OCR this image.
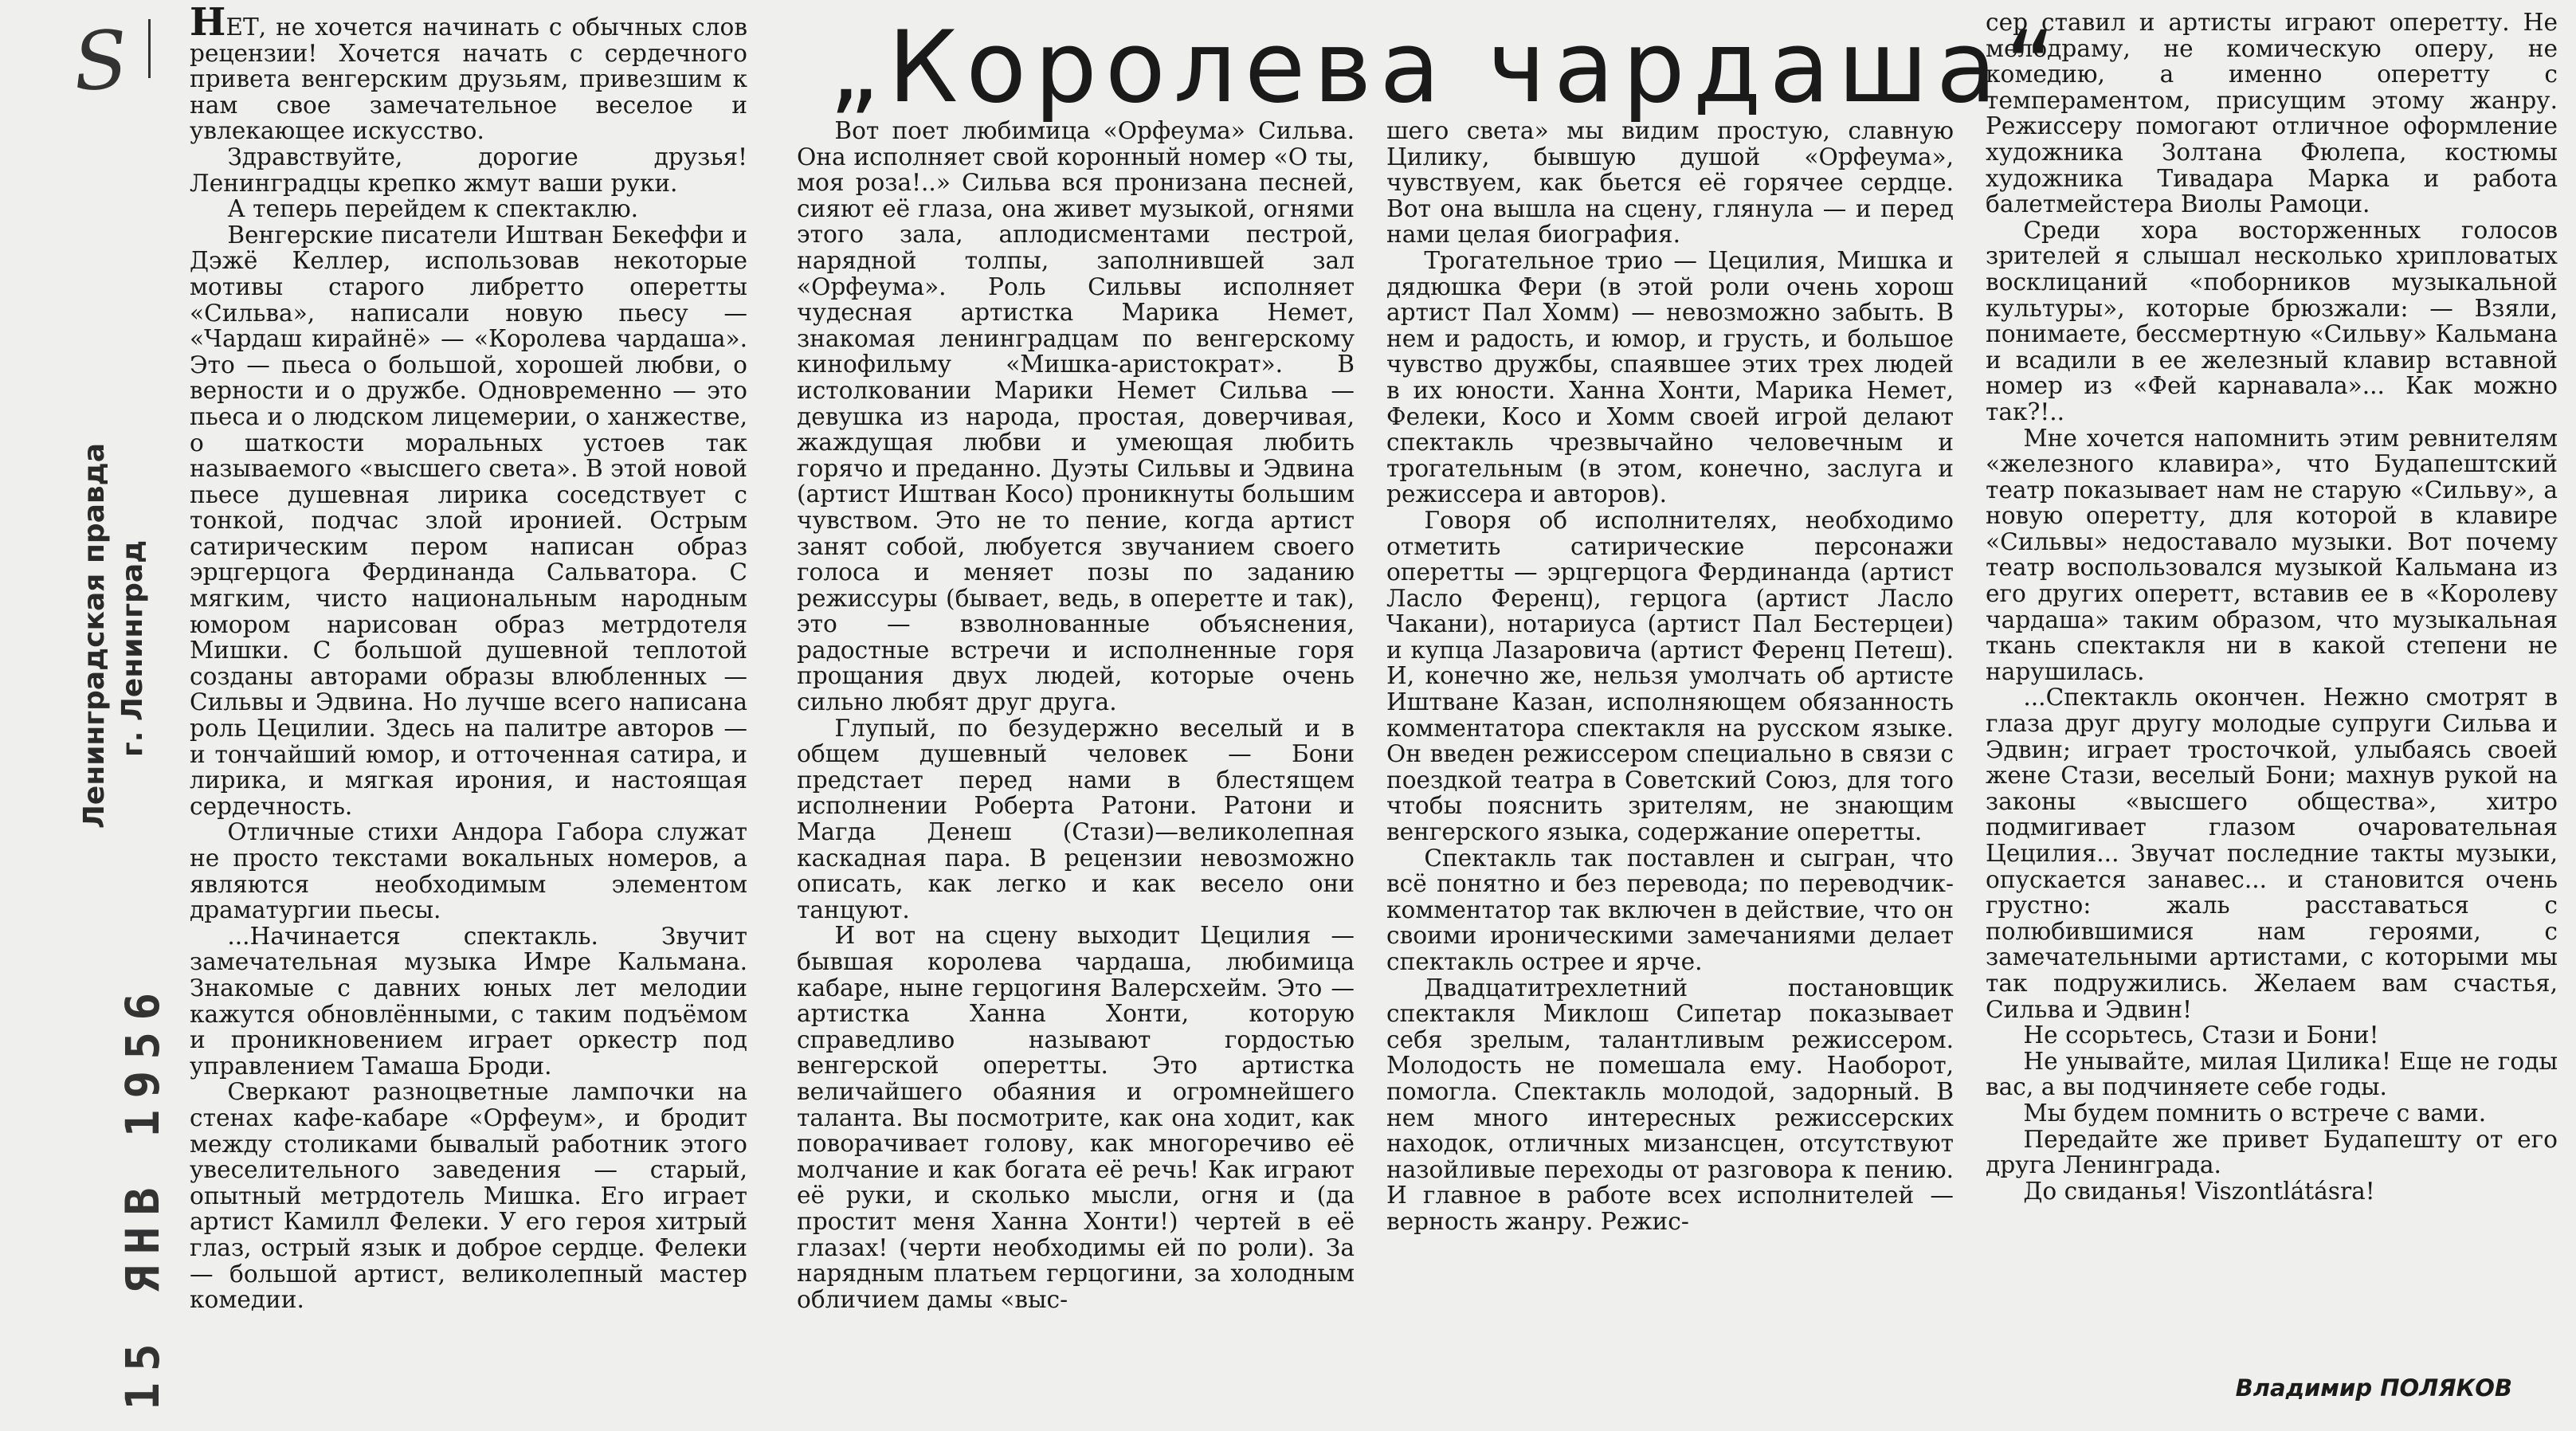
S
Ленинградская правда г. Ленинград
15 ЯНВ 1956
„Королева чардаша“

НЕТ, не хочется начинать с обычных слов рецензии! Хочется начать с сердечного привета венгерским друзьям, привезшим к нам свое замечательное веселое и увлекающее искусство.

Здравствуйте, дорогие друзья! Ленинградцы крепко жмут ваши руки.

А теперь перейдем к спектаклю.

Венгерские писатели Иштван Бекеффи и Дэжё Келлер, использовав некоторые мотивы старого либретто оперетты «Сильва», написали новую пьесу — «Чардаш кирайнё» — «Королева чардаша». Это — пьеса о большой, хорошей любви, о верности и о дружбе. Одновременно — это пьеса и о людском лицемерии, о ханжестве, о шаткости моральных устоев так называемого «высшего света». В этой новой пьесе душевная лирика соседствует с тонкой, подчас злой иронией. Острым сатирическим пером написан образ эрцгерцога Фердинанда Сальватора. С мягким, чисто национальным народным юмором нарисован образ метрдотеля Мишки. С большой душевной теплотой созданы авторами образы влюбленных — Сильвы и Эдвина. Но лучше всего написана роль Цецилии. Здесь на палитре авторов — и тончайший юмор, и отточенная сатира, и лирика, и мягкая ирония, и настоящая сердечность.

Отличные стихи Андора Габора служат не просто текстами вокальных номеров, а являются необходимым элементом драматургии пьесы.

...Начинается спектакль. Звучит замечательная музыка Имре Кальмана. Знакомые с давних юных лет мелодии кажутся обновлёнными, с таким подъёмом и проникновением играет оркестр под управлением Тамаша Броди.

Сверкают разноцветные лампочки на стенах кафе-кабаре «Орфеум», и бродит между столиками бывалый работник этого увеселительного заведения — старый, опытный метрдотель Мишка. Его играет артист Камилл Фелеки. У его героя хитрый глаз, острый язык и доброе сердце. Фелеки — большой артист, великолепный мастер комедии.

Вот поет любимица «Орфеума» Сильва. Она исполняет свой коронный номер «О ты, моя роза!..» Сильва вся пронизана песней, сияют её глаза, она живет музыкой, огнями этого зала, аплодисментами пестрой, нарядной толпы, заполнившей зал «Орфеума». Роль Сильвы исполняет чудесная артистка Марика Немет, знакомая ленинградцам по венгерскому кинофильму «Мишка-аристократ». В истолковании Марики Немет Сильва — девушка из народа, простая, доверчивая, жаждущая любви и умеющая любить горячо и преданно. Дуэты Сильвы и Эдвина (артист Иштван Косо) проникнуты большим чувством. Это не то пение, когда артист занят собой, любуется звучанием своего голоса и меняет позы по заданию режиссуры (бывает, ведь, в оперетте и так), это — взволнованные объяснения, радостные встречи и исполненные горя прощания двух людей, которые очень сильно любят друг друга.

Глупый, по безудержно веселый и в общем душевный человек — Бони предстает перед нами в блестящем исполнении Роберта Ратони. Ратони и Магда Денеш (Стази)—великолепная каскадная пара. В рецензии невозможно описать, как легко и как весело они танцуют.

И вот на сцену выходит Цецилия — бывшая королева чардаша, любимица кабаре, ныне герцогиня Валерсхейм. Это — артистка Ханна Хонти, которую справедливо называют гордостью венгерской оперетты. Это артистка величайшего обаяния и огромнейшего таланта. Вы посмотрите, как она ходит, как поворачивает голову, как многоречиво её молчание и как богата её речь! Как играют её руки, и сколько мысли, огня и (да простит меня Ханна Хонти!) чертей в её глазах! (черти необходимы ей по роли). За нарядным платьем герцогини, за холодным обличием дамы «выс-

шего света» мы видим простую, славную Цилику, бывшую душой «Орфеума», чувствуем, как бьется её горячее сердце. Вот она вышла на сцену, глянула — и перед нами целая биография.

Трогательное трио — Цецилия, Мишка и дядюшка Фери (в этой роли очень хорош артист Пал Хомм) — невозможно забыть. В нем и радость, и юмор, и грусть, и большое чувство дружбы, спаявшее этих трех людей в их юности. Ханна Хонти, Марика Немет, Фелеки, Косо и Хомм своей игрой делают спектакль чрезвычайно человечным и трогательным (в этом, конечно, заслуга и режиссера и авторов).

Говоря об исполнителях, необходимо отметить сатирические персонажи оперетты — эрцгерцога Фердинанда (артист Ласло Ференц), герцога (артист Ласло Чакани), нотариуса (артист Пал Бестерцеи) и купца Лазаровича (артист Ференц Петеш). И, конечно же, нельзя умолчать об артисте Иштване Казан, исполняющем обязанность комментатора спектакля на русском языке. Он введен режиссером специально в связи с поездкой театра в Советский Союз, для того чтобы пояснить зрителям, не знающим венгерского языка, содержание оперетты.

Спектакль так поставлен и сыгран, что всё понятно и без перевода; по переводчик-комментатор так включен в действие, что он своими ироническими замечаниями делает спектакль острее и ярче.

Двадцатитрехлетний постановщик спектакля Миклош Сипетар показывает себя зрелым, талантливым режиссером. Молодость не помешала ему. Наоборот, помогла. Спектакль молодой, задорный. В нем много интересных режиссерских находок, отличных мизансцен, отсутствуют назойливые переходы от разговора к пению. И главное в работе всех исполнителей — верность жанру. Режис-

сер ставил и артисты играют оперетту. Не мелодраму, не комическую оперу, не комедию, а именно оперетту с темпераментом, присущим этому жанру. Режиссеру помогают отличное оформление художника Золтана Фюлепа, костюмы художника Тивадара Марка и работа балетмейстера Виолы Рамоци.

Среди хора восторженных голосов зрителей я слышал несколько хрипловатых восклицаний «поборников музыкальной культуры», которые брюзжали: — Взяли, понимаете, бессмертную «Сильву» Кальмана и всадили в ее железный клавир вставной номер из «Фей карнавала»... Как можно так?!..

Мне хочется напомнить этим ревнителям «железного клавира», что Будапештский театр показывает нам не старую «Сильву», а новую оперетту, для которой в клавире «Сильвы» недоставало музыки. Вот почему театр воспользовался музыкой Кальмана из его других оперетт, вставив ее в «Королеву чардаша» таким образом, что музыкальная ткань спектакля ни в какой степени не нарушилась.

...Спектакль окончен. Нежно смотрят в глаза друг другу молодые супруги Сильва и Эдвин; играет тросточкой, улыбаясь своей жене Стази, веселый Бони; махнув рукой на законы «высшего общества», хитро подмигивает глазом очаровательная Цецилия... Звучат последние такты музыки, опускается занавес... и становится очень грустно: жаль расставаться с полюбившимися нам героями, с замечательными артистами, с которыми мы так подружились. Желаем вам счастья, Сильва и Эдвин!

Не ссорьтесь, Стази и Бони!

Не унывайте, милая Цилика! Еще не годы вас, а вы подчиняете себе годы.

Мы будем помнить о встрече с вами.

Передайте же привет Будапешту от его друга Ленинграда.

До свиданья! Viszontlátásra!

Владимир ПОЛЯКОВ
